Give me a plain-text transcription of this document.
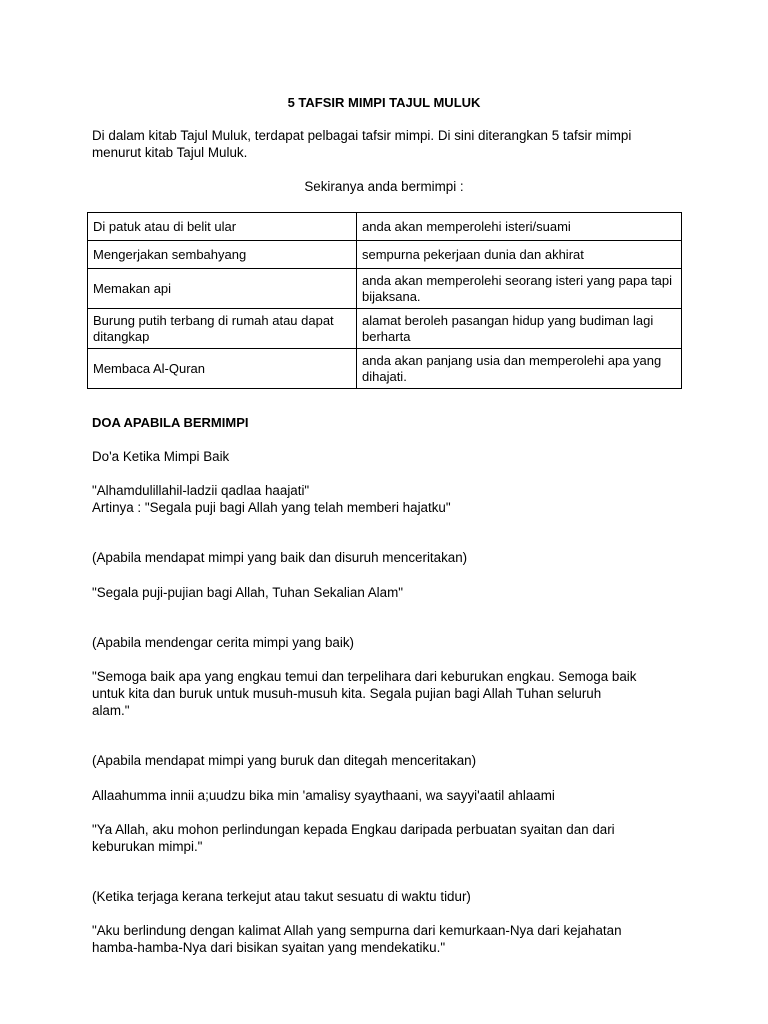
5 TAFSIR MIMPI TAJUL MULUK
Di dalam kitab Tajul Muluk, terdapat pelbagai tafsir mimpi. Di sini diterangkan 5 tafsir mimpi
menurut kitab Tajul Muluk.
Sekiranya anda bermimpi :
Di patuk atau di belit ular	anda akan memperolehi isteri/suami
Mengerjakan sembahyang	sempurna pekerjaan dunia dan akhirat
Memakan api	anda akan memperolehi seorang isteri yang papa tapi bijaksana.
Burung putih terbang di rumah atau dapat ditangkap	alamat beroleh pasangan hidup yang budiman lagi berharta
Membaca Al-Quran	anda akan panjang usia dan memperolehi apa yang dihajati.
DOA APABILA BERMIMPI
Do'a Ketika Mimpi Baik
"Alhamdulillahil-ladzii qadlaa haajati"
Artinya : "Segala puji bagi Allah yang telah memberi hajatku"
(Apabila mendapat mimpi yang baik dan disuruh menceritakan)
"Segala puji-pujian bagi Allah, Tuhan Sekalian Alam"
(Apabila mendengar cerita mimpi yang baik)
"Semoga baik apa yang engkau temui dan terpelihara dari keburukan engkau. Semoga baik
untuk kita dan buruk untuk musuh-musuh kita. Segala pujian bagi Allah Tuhan seluruh
alam."
(Apabila mendapat mimpi yang buruk dan ditegah menceritakan)
Allaahumma innii a;uudzu bika min 'amalisy syaythaani, wa sayyi'aatil ahlaami
"Ya Allah, aku mohon perlindungan kepada Engkau daripada perbuatan syaitan dan dari
keburukan mimpi."
(Ketika terjaga kerana terkejut atau takut sesuatu di waktu tidur)
"Aku berlindung dengan kalimat Allah yang sempurna dari kemurkaan-Nya dari kejahatan
hamba-hamba-Nya dari bisikan syaitan yang mendekatiku."
